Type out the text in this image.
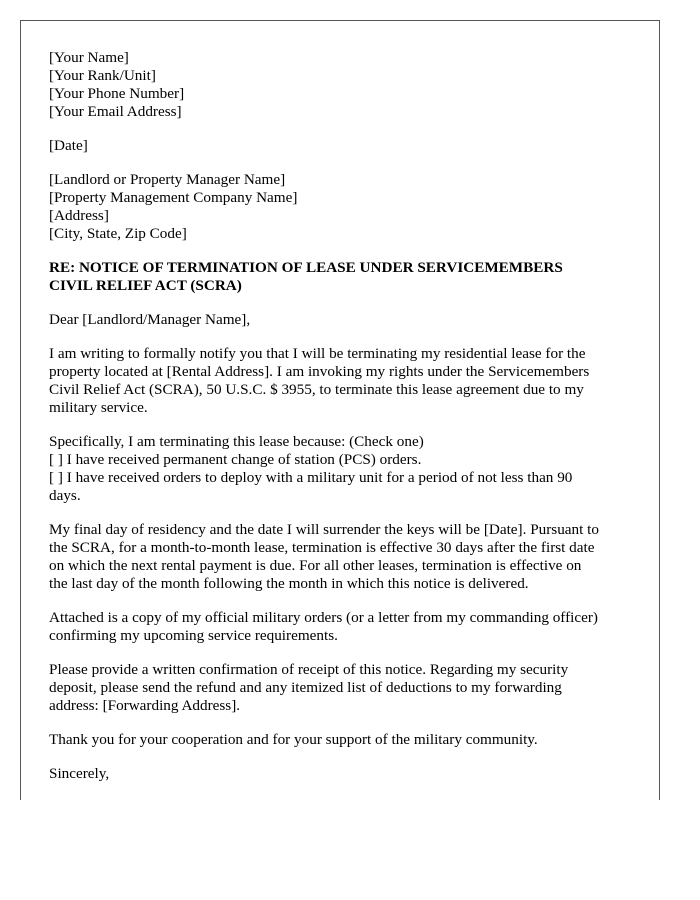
[Your Name]
[Your Rank/Unit]
[Your Phone Number]
[Your Email Address]
[Date]
[Landlord or Property Manager Name]
[Property Management Company Name]
[Address]
[City, State, Zip Code]
RE: NOTICE OF TERMINATION OF LEASE UNDER SERVICEMEMBERS
CIVIL RELIEF ACT (SCRA)
Dear [Landlord/Manager Name],
I am writing to formally notify you that I will be terminating my residential lease for the
property located at [Rental Address]. I am invoking my rights under the Servicemembers
Civil Relief Act (SCRA), 50 U.S.C. $ 3955, to terminate this lease agreement due to my
military service.
Specifically, I am terminating this lease because: (Check one)
[ ] I have received permanent change of station (PCS) orders.
[ ] I have received orders to deploy with a military unit for a period of not less than 90
days.
My final day of residency and the date I will surrender the keys will be [Date]. Pursuant to
the SCRA, for a month-to-month lease, termination is effective 30 days after the first date
on which the next rental payment is due. For all other leases, termination is effective on
the last day of the month following the month in which this notice is delivered.
Attached is a copy of my official military orders (or a letter from my commanding officer)
confirming my upcoming service requirements.
Please provide a written confirmation of receipt of this notice. Regarding my security
deposit, please send the refund and any itemized list of deductions to my forwarding
address: [Forwarding Address].
Thank you for your cooperation and for your support of the military community.
Sincerely,
